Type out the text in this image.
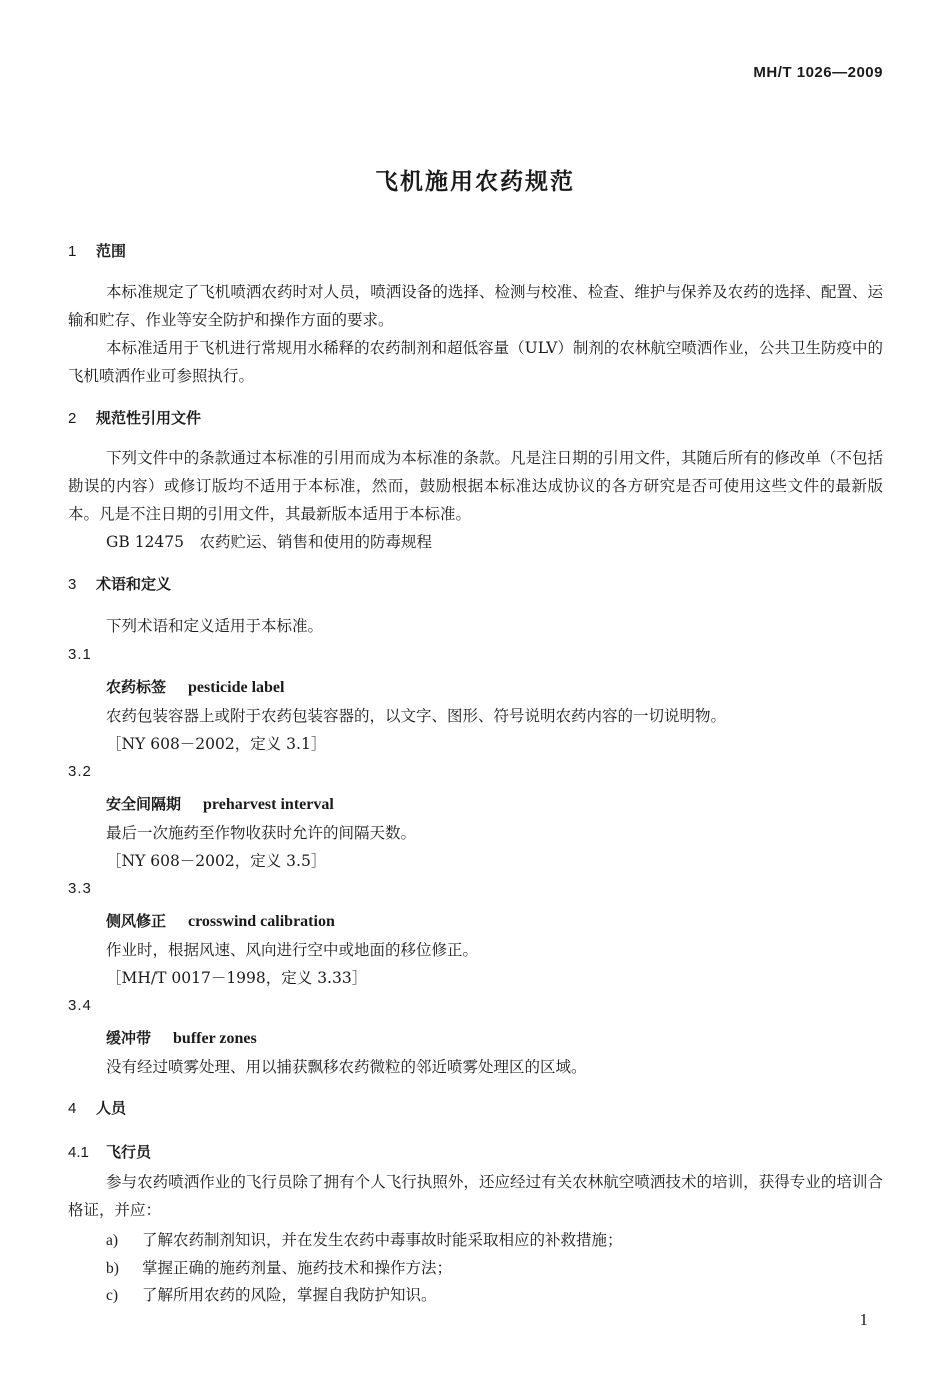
MH/T 1026—2009
飞机施用农药规范
1 范围
本标准规定了飞机喷洒农药时对人员，喷洒设备的选择、检测与校准、检查、维护与保养及农药的选择、配置、运输和贮存、作业等安全防护和操作方面的要求。
本标准适用于飞机进行常规用水稀释的农药制剂和超低容量（ULV）制剂的农林航空喷洒作业，公共卫生防疫中的飞机喷洒作业可参照执行。
2 规范性引用文件
下列文件中的条款通过本标准的引用而成为本标准的条款。凡是注日期的引用文件，其随后所有的修改单（不包括勘误的内容）或修订版均不适用于本标准，然而，鼓励根据本标准达成协议的各方研究是否可使用这些文件的最新版本。凡是不注日期的引用文件，其最新版本适用于本标准。
GB 12475　农药贮运、销售和使用的防毒规程
3 术语和定义
下列术语和定义适用于本标准。
3.1
农药标签 pesticide label
农药包装容器上或附于农药包装容器的，以文字、图形、符号说明农药内容的一切说明物。
［NY 608－2002，定义 3.1］
3.2
安全间隔期 preharvest interval
最后一次施药至作物收获时允许的间隔天数。
［NY 608－2002，定义 3.5］
3.3
侧风修正 crosswind calibration
作业时，根据风速、风向进行空中或地面的移位修正。
［MH/T 0017－1998，定义 3.33］
3.4
缓冲带 buffer zones
没有经过喷雾处理、用以捕获飘移农药微粒的邻近喷雾处理区的区域。
4 人员
4.1 飞行员
参与农药喷洒作业的飞行员除了拥有个人飞行执照外，还应经过有关农林航空喷洒技术的培训，获得专业的培训合格证，并应：
a) 了解农药制剂知识，并在发生农药中毒事故时能采取相应的补救措施；
b) 掌握正确的施药剂量、施药技术和操作方法；
c) 了解所用农药的风险，掌握自我防护知识。
1
